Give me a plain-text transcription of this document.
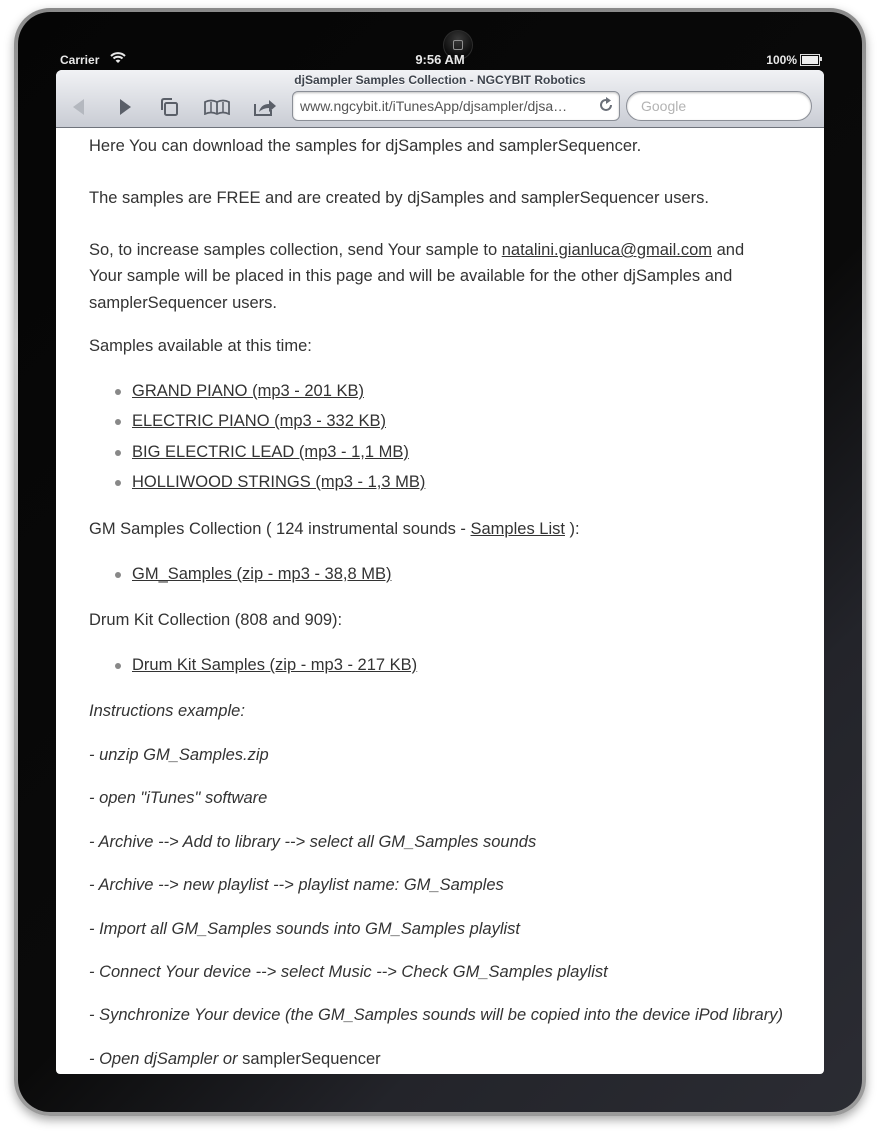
Carrier	9:56 AM	100%
djSampler Samples Collection - NGCYBIT Robotics
www.ngcybit.it/iTunesApp/djsampler/djsa…
Google

Here You can download the samples for djSamples and samplerSequencer.

The samples are FREE and are created by djSamples and samplerSequencer users.

So, to increase samples collection, send Your sample to natalini.gianluca@gmail.com and

Your sample will be placed in this page and will be available for the other djSamples and

samplerSequencer users.

Samples available at this time:

GRAND PIANO (mp3 - 201 KB)
ELECTRIC PIANO (mp3 - 332 KB)
BIG ELECTRIC LEAD (mp3 - 1,1 MB)
HOLLIWOOD STRINGS (mp3 - 1,3 MB)

GM Samples Collection ( 124 instrumental sounds - Samples List ):

GM_Samples (zip - mp3 - 38,8 MB)

Drum Kit Collection (808 and 909):

Drum Kit Samples (zip - mp3 - 217 KB)

Instructions example:

- unzip GM_Samples.zip

- open "iTunes" software

- Archive --> Add to library --> select all GM_Samples sounds

- Archive --> new playlist --> playlist name: GM_Samples

- Import all GM_Samples sounds into GM_Samples playlist

- Connect Your device --> select Music --> Check GM_Samples playlist

- Synchronize Your device (the GM_Samples sounds will be copied into the device iPod library)

- Open djSampler or samplerSequencer
